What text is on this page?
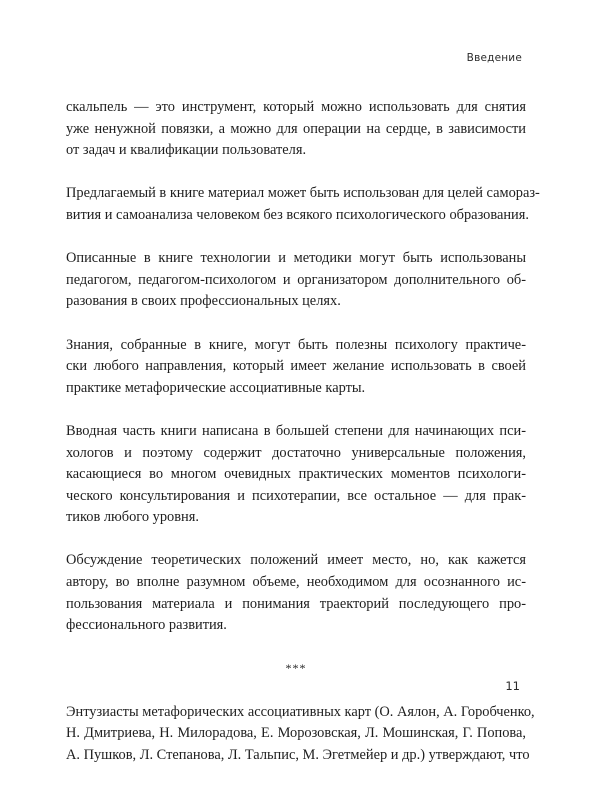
Введение

скальпель — это инструмент, который можно использовать для снятия
уже ненужной повязки, а можно для операции на сердце, в зависимости
от задач и квалификации пользователя.

Предлагаемый в книге материал может быть использован для целей самораз-
вития и самоанализа человеком без всякого психологического образования.

Описанные в книге технологии и методики могут быть использованы
педагогом, педагогом-психологом и организатором дополнительного об-
разования в своих профессиональных целях.

Знания, собранные в книге, могут быть полезны психологу практиче-
ски любого направления, который имеет желание использовать в своей
практике метафорические ассоциативные карты.

Вводная часть книги написана в большей степени для начинающих пси-
хологов и поэтому содержит достаточно универсальные положения,
касающиеся во многом очевидных практических моментов психологи-
ческого консультирования и психотерапии, все остальное — для прак-
тиков любого уровня.

Обсуждение теоретических положений имеет место, но, как кажется
автору, во вполне разумном объеме, необходимом для осознанного ис-
пользования материала и понимания траекторий последующего про-
фессионального развития.

***

Энтузиасты метафорических ассоциативных карт (О. Аялон, А. Горобченко,
Н. Дмитриева, Н. Милорадова, Е. Морозовская, Л. Мошинская, Г. Попова,
А. Пушков, Л. Степанова, Л. Тальпис, М. Эгетмейер и др.) утверждают, что

11
